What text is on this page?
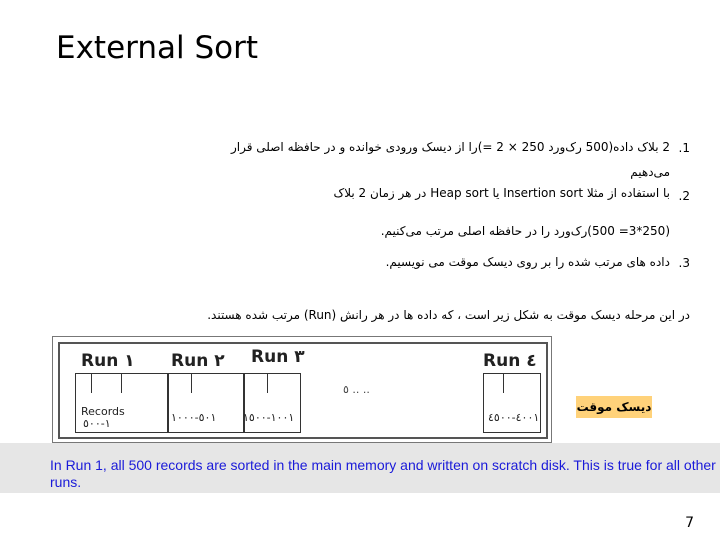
External Sort
.1
2 بلاک داده(500 رک‌ورد 250 × 2 =)را از دیسک ورودی خوانده و در حافظه اصلی قرار
می‌دهیم
.2
با استفاده از مثلا Insertion sort یا Heap sort در هر زمان 2 بلاک
(250*3= 500)رک‌ورد را در حافظه اصلی مرتب می‌کنیم.
.3
داده های مرتب شده را بر روی دیسک موقت می نویسیم.
در این مرحله دیسک موقت به شکل زیر است ، که داده ها در هر رانش (Run) مرتب شده هستند.
Run ١
Records
١-٥٠٠
Run ٢
٥٠١-١٠٠٠
Run ٣
١٠٠١-١٥٠٠
٥ .. ..
Run ٤
٤٠٠١-٤٥٠٠
دیسک موقت

In Run 1, all 500 records are sorted in the main memory and written on scratch disk. This is true for all other runs.

7
